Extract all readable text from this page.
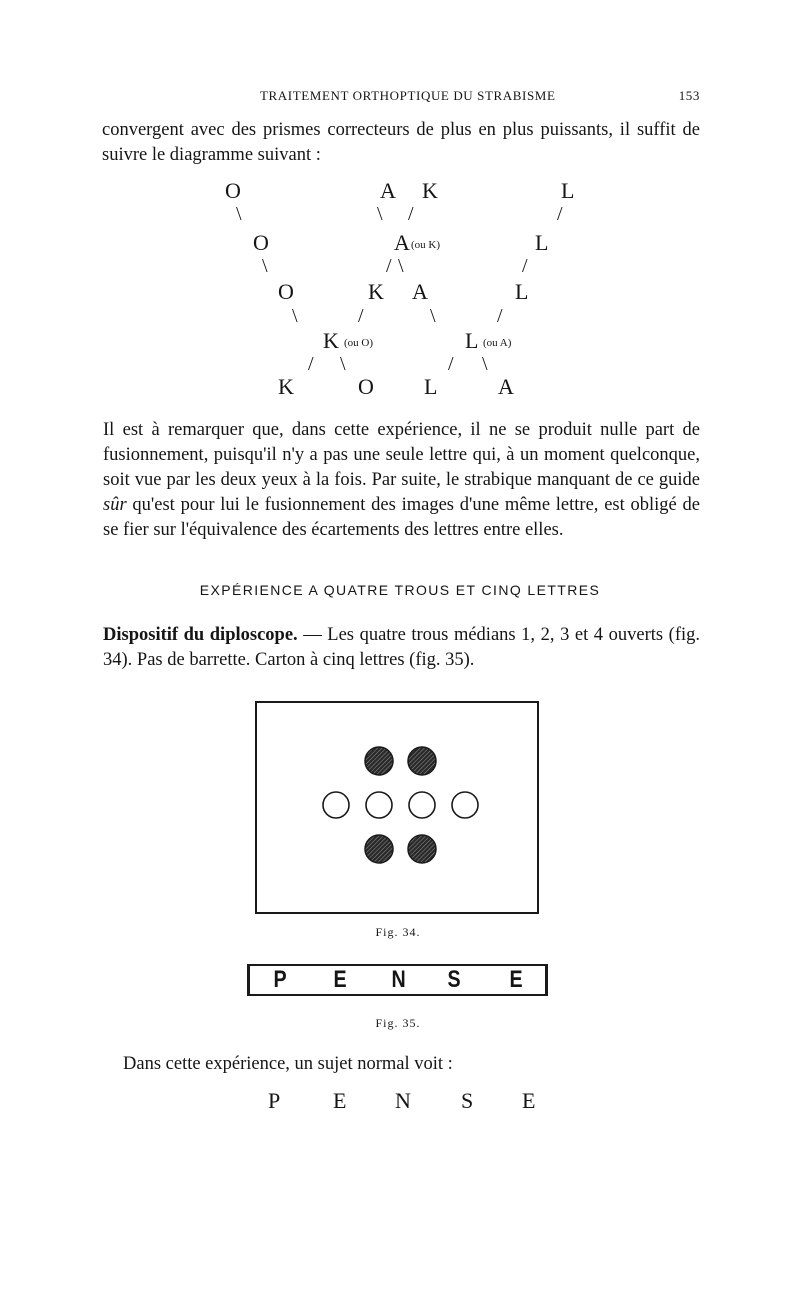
TRAITEMENT ORTHOPTIQUE DU STRABISME	153
convergent avec des prismes correcteurs de plus en plus puissants, il suffit de suivre le diagramme suivant :
O	A K	L
\	\ /	/
O	A (ou K)	L
\	/ \	/
O	K A	L
\	/	\	/
K (ou O)	L (ou A)
/ \	/ \
K	O L	A
Il est à remarquer que, dans cette expérience, il ne se produit nulle part de fusionnement, puisqu'il n'y a pas une seule lettre qui, à un moment quelconque, soit vue par les deux yeux à la fois. Par suite, le strabique manquant de ce guide sûr qu'est pour lui le fusionnement des images d'une même lettre, est obligé de se fier sur l'équivalence des écartements des lettres entre elles.
EXPÉRIENCE A QUATRE TROUS ET CINQ LETTRES
Dispositif du diploscope. — Les quatre trous médians 1, 2, 3 et 4 ouverts (fig. 34). Pas de barrette. Carton à cinq lettres (fig. 35).
Fig. 34.
P E N S E
Fig. 35.
Dans cette expérience, un sujet normal voit :
P E N S E
